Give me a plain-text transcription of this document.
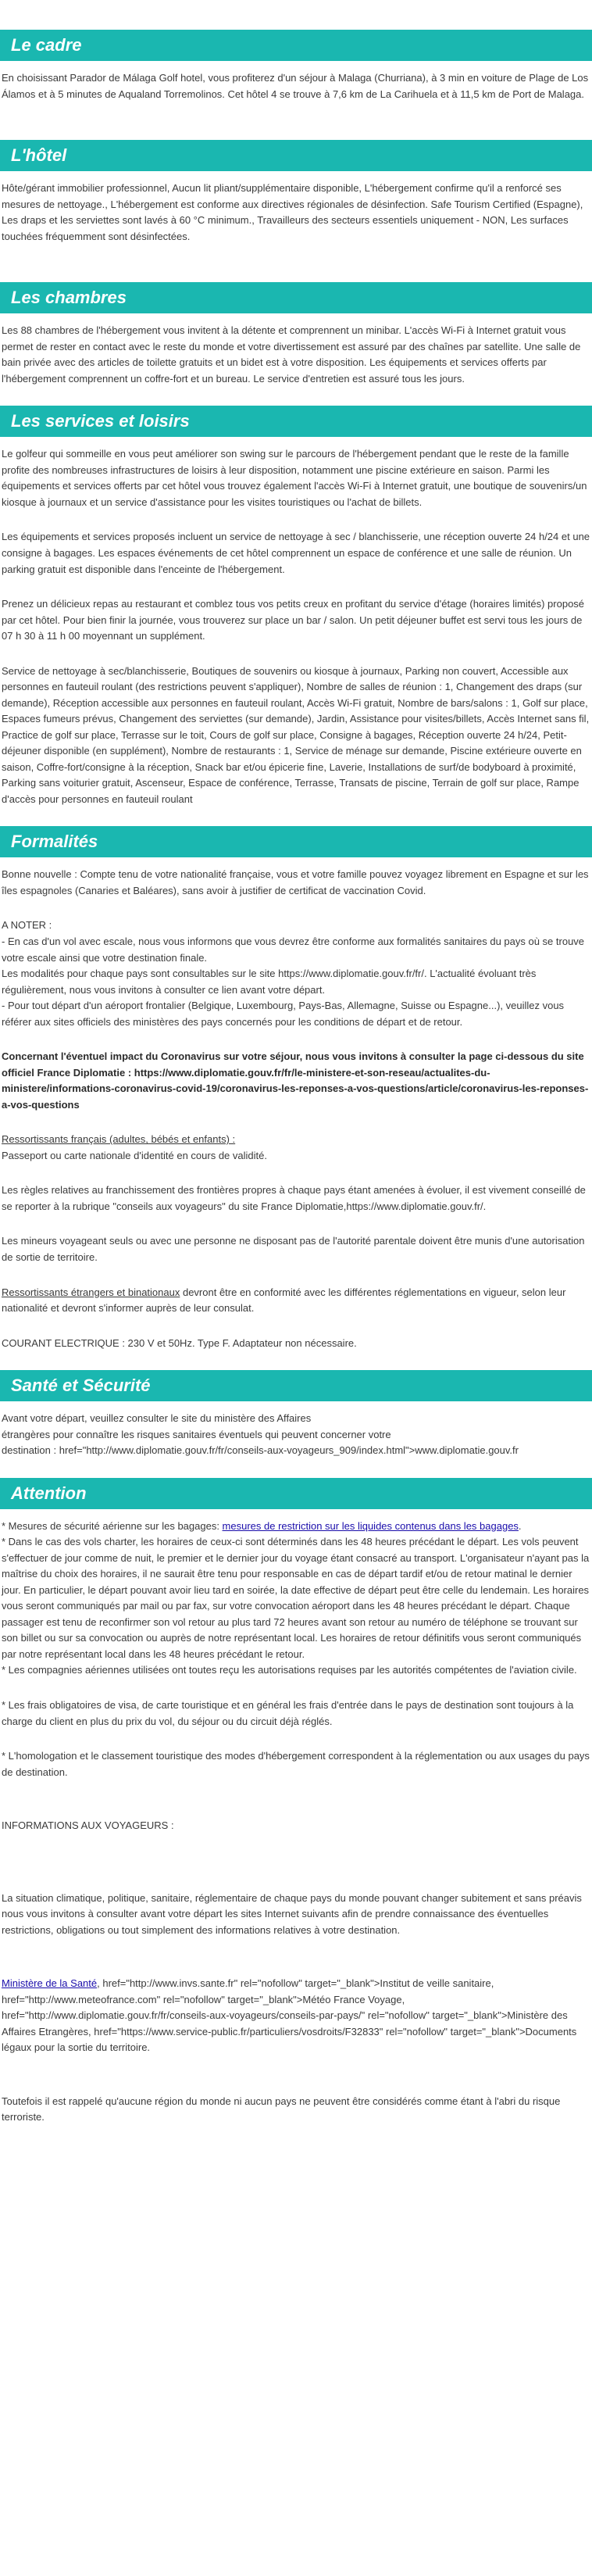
Le cadre

En choisissant Parador de Málaga Golf hotel, vous profiterez d'un séjour à Malaga (Churriana), à 3 min en voiture de Plage de Los Álamos et à 5 minutes de Aqualand Torremolinos. Cet hôtel 4 se trouve à 7,6 km de La Carihuela et à 11,5 km de Port de Malaga.

L'hôtel

Hôte/gérant immobilier professionnel, Aucun lit pliant/supplémentaire disponible, L'hébergement confirme qu'il a renforcé ses mesures de nettoyage., L'hébergement est conforme aux directives régionales de désinfection. Safe Tourism Certified (Espagne), Les draps et les serviettes sont lavés à 60 °C minimum., Travailleurs des secteurs essentiels uniquement - NON, Les surfaces touchées fréquemment sont désinfectées.

Les chambres

Les 88 chambres de l'hébergement vous invitent à la détente et comprennent un minibar. L'accès Wi-Fi à Internet gratuit vous permet de rester en contact avec le reste du monde et votre divertissement est assuré par des chaînes par satellite. Une salle de bain privée avec des articles de toilette gratuits et un bidet est à votre disposition. Les équipements et services offerts par l'hébergement comprennent un coffre-fort et un bureau. Le service d'entretien est assuré tous les jours.

Les services et loisirs

Le golfeur qui sommeille en vous peut améliorer son swing sur le parcours de l'hébergement pendant que le reste de la famille profite des nombreuses infrastructures de loisirs à leur disposition, notamment une piscine extérieure en saison. Parmi les équipements et services offerts par cet hôtel vous trouvez également l'accès Wi-Fi à Internet gratuit, une boutique de souvenirs/un kiosque à journaux et un service d'assistance pour les visites touristiques ou l'achat de billets.

Les équipements et services proposés incluent un service de nettoyage à sec / blanchisserie, une réception ouverte 24 h/24 et une consigne à bagages. Les espaces événements de cet hôtel comprennent un espace de conférence et une salle de réunion. Un parking gratuit est disponible dans l'enceinte de l'hébergement.

Prenez un délicieux repas au restaurant et comblez tous vos petits creux en profitant du service d'étage (horaires limités) proposé par cet hôtel. Pour bien finir la journée, vous trouverez sur place un bar / salon. Un petit déjeuner buffet est servi tous les jours de 07 h 30 à 11 h 00 moyennant un supplément.

Service de nettoyage à sec/blanchisserie, Boutiques de souvenirs ou kiosque à journaux, Parking non couvert, Accessible aux personnes en fauteuil roulant (des restrictions peuvent s'appliquer), Nombre de salles de réunion : 1, Changement des draps (sur demande), Réception accessible aux personnes en fauteuil roulant, Accès Wi-Fi gratuit, Nombre de bars/salons : 1, Golf sur place, Espaces fumeurs prévus, Changement des serviettes (sur demande), Jardin, Assistance pour visites/billets, Accès Internet sans fil, Practice de golf sur place, Terrasse sur le toit, Cours de golf sur place, Consigne à bagages, Réception ouverte 24 h/24, Petit-déjeuner disponible (en supplément), Nombre de restaurants : 1, Service de ménage sur demande, Piscine extérieure ouverte en saison, Coffre-fort/consigne à la réception, Snack bar et/ou épicerie fine, Laverie, Installations de surf/de bodyboard à proximité, Parking sans voiturier gratuit, Ascenseur, Espace de conférence, Terrasse, Transats de piscine, Terrain de golf sur place, Rampe d'accès pour personnes en fauteuil roulant

Formalités

Bonne nouvelle : Compte tenu de votre nationalité française, vous et votre famille pouvez voyagez librement en Espagne et sur les îles espagnoles (Canaries et Baléares), sans avoir à justifier de certificat de vaccination Covid.

A NOTER :

- En cas d'un vol avec escale, nous vous informons que vous devrez être conforme aux formalités sanitaires du pays où se trouve votre escale ainsi que votre destination finale.

Les modalités pour chaque pays sont consultables sur le site https://www.diplomatie.gouv.fr/fr/. L'actualité évoluant très régulièrement, nous vous invitons à consulter ce lien avant votre départ.

- Pour tout départ d'un aéroport frontalier (Belgique, Luxembourg, Pays-Bas, Allemagne, Suisse ou Espagne...), veuillez vous référer aux sites officiels des ministères des pays concernés pour les conditions de départ et de retour.

Concernant l'éventuel impact du Coronavirus sur votre séjour, nous vous invitons à consulter la page ci-dessous du site officiel France Diplomatie : https://www.diplomatie.gouv.fr/fr/le-ministere-et-son-reseau/actualites-du-ministere/informations-coronavirus-covid-19/coronavirus-les-reponses-a-vos-questions/article/coronavirus-les-reponses-a-vos-questions

Ressortissants français (adultes, bébés et enfants) :

Passeport ou carte nationale d'identité en cours de validité.

Les règles relatives au franchissement des frontières propres à chaque pays étant amenées à évoluer, il est vivement conseillé de se reporter à la rubrique "conseils aux voyageurs" du site France Diplomatie,https://www.diplomatie.gouv.fr/.

Les mineurs voyageant seuls ou avec une personne ne disposant pas de l'autorité parentale doivent être munis d'une autorisation de sortie de territoire.

Ressortissants étrangers et binationaux devront être en conformité avec les différentes réglementations en vigueur, selon leur nationalité et devront s'informer auprès de leur consulat.

COURANT ELECTRIQUE : 230 V et 50Hz. Type F. Adaptateur non nécessaire.

Santé et Sécurité

Avant votre départ, veuillez consulter le site du ministère des Affaires
étrangères pour connaître les risques sanitaires éventuels qui peuvent concerner votre
destination : href="http://www.diplomatie.gouv.fr/fr/conseils-aux-voyageurs_909/index.html">www.diplomatie.gouv.fr

Attention

* Mesures de sécurité aérienne sur les bagages: mesures de restriction sur les liquides contenus dans les bagages.

* Dans le cas des vols charter, les horaires de ceux-ci sont déterminés dans les 48 heures précédant le départ. Les vols peuvent s'effectuer de jour comme de nuit, le premier et le dernier jour du voyage étant consacré au transport. L'organisateur n'ayant pas la maîtrise du choix des horaires, il ne saurait être tenu pour responsable en cas de départ tardif et/ou de retour matinal le dernier jour. En particulier, le départ pouvant avoir lieu tard en soirée, la date effective de départ peut être celle du lendemain. Les horaires vous seront communiqués par mail ou par fax, sur votre convocation aéroport dans les 48 heures précédant le départ. Chaque passager est tenu de reconfirmer son vol retour au plus tard 72 heures avant son retour au numéro de téléphone se trouvant sur son billet ou sur sa convocation ou auprès de notre représentant local. Les horaires de retour définitifs vous seront communiqués par notre représentant local dans les 48 heures précédant le retour.

* Les compagnies aériennes utilisées ont toutes reçu les autorisations requises par les autorités compétentes de l'aviation civile.

* Les frais obligatoires de visa, de carte touristique et en général les frais d'entrée dans le pays de destination sont toujours à la charge du client en plus du prix du vol, du séjour ou du circuit déjà réglés.

* L'homologation et le classement touristique des modes d'hébergement correspondent à la réglementation ou aux usages du pays de destination.

INFORMATIONS AUX VOYAGEURS :

La situation climatique, politique, sanitaire, réglementaire de chaque pays du monde pouvant changer subitement et sans préavis

nous vous invitons à consulter avant votre départ les sites Internet suivants afin de prendre connaissance des éventuelles restrictions, obligations ou tout simplement des informations relatives à votre destination.

Ministère de la Santé, href="http://www.invs.sante.fr" rel="nofollow" target="_blank">Institut de veille sanitaire, href="http://www.meteofrance.com" rel="nofollow" target="_blank">Météo France Voyage, href="http://www.diplomatie.gouv.fr/fr/conseils-aux-voyageurs/conseils-par-pays/" rel="nofollow" target="_blank">Ministère des Affaires Etrangères, href="https://www.service-public.fr/particuliers/vosdroits/F32833" rel="nofollow" target="_blank">Documents légaux pour la sortie du territoire.

Toutefois il est rappelé qu'aucune région du monde ni aucun pays ne peuvent être considérés comme étant à l'abri du risque terroriste.
